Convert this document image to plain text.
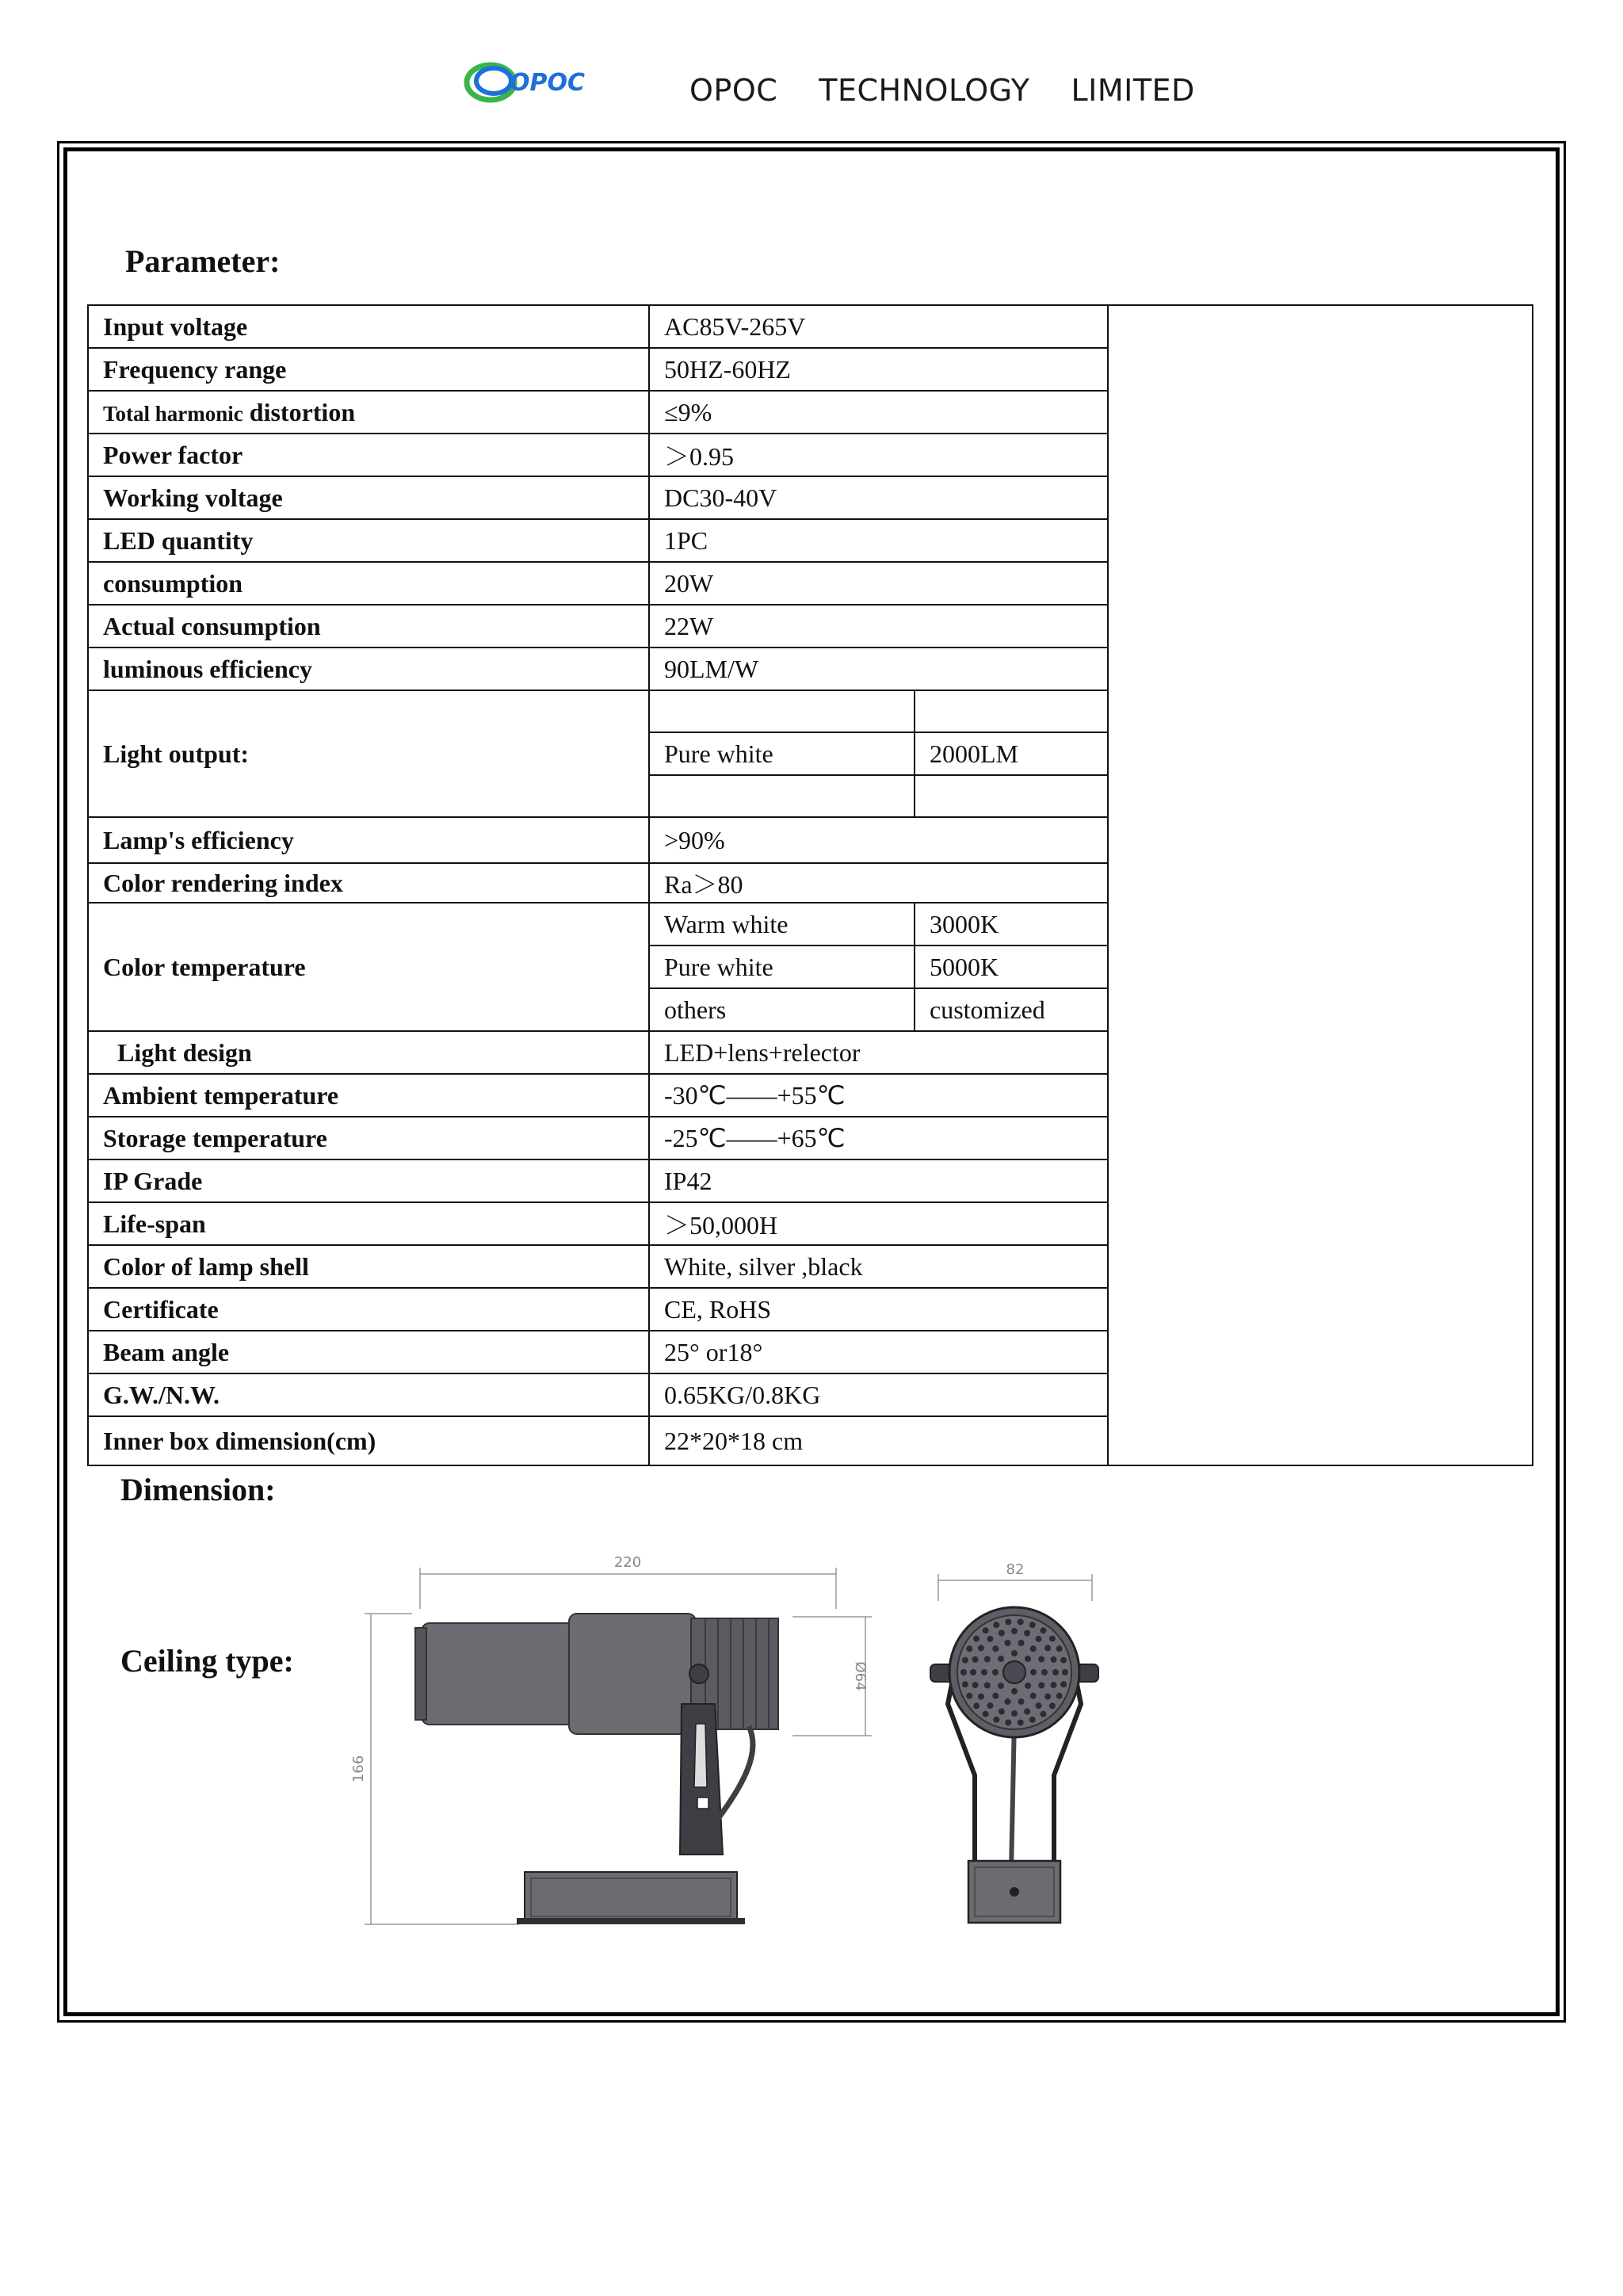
OPOC	OPOC TECHNOLOGY LIMITED
Parameter:
Input voltage	AC85V-265V		
Frequency range	50HZ-60HZ		
Total harmonic distortion	≤9%		
Power factor	＞0.95		
Working voltage	DC30-40V		
LED quantity	1PC		
consumption	20W		
Actual consumption	22W		
luminous efficiency	90LM/W		
Light output:			
	Pure white	2000LM	

Lamp's efficiency	>90%		
Color rendering index	Ra＞80		
Color temperature	Warm white	3000K	
	Pure white	5000K	
	others	customized	
Light design	LED+lens+relector		
Ambient temperature	-30℃——+55℃		
Storage temperature	-25℃——+65℃		
IP Grade	IP42		
Life-span	＞50,000H		
Color of lamp shell	White, silver ,black		
Certificate	CE, RoHS		
Beam angle	25° or18°		
G.W./N.W.	0.65KG/0.8KG		
Inner box dimension(cm)	22*20*18 cm		
Dimension:
Ceiling type:
220
166
Ø64
82
